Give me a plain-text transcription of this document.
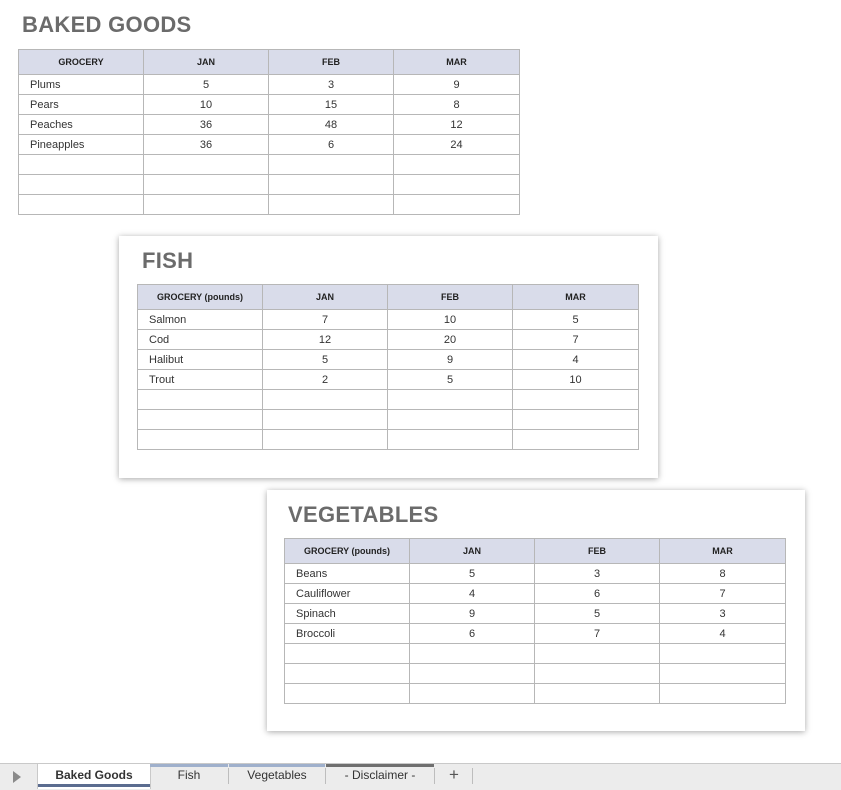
BAKED GOODS
GROCERY	JAN	FEB	MAR
Plums	5	3	9
Pears	10	15	8
Peaches	36	48	12
Pineapples	36	6	24

FISH
GROCERY (pounds)	JAN	FEB	MAR
Salmon	7	10	5
Cod	12	20	7
Halibut	5	9	4
Trout	2	5	10

VEGETABLES
GROCERY (pounds)	JAN	FEB	MAR
Beans	5	3	8
Cauliflower	4	6	7
Spinach	9	5	3
Broccoli	6	7	4

Baked Goods	Fish	Vegetables	- Disclaimer -	+
